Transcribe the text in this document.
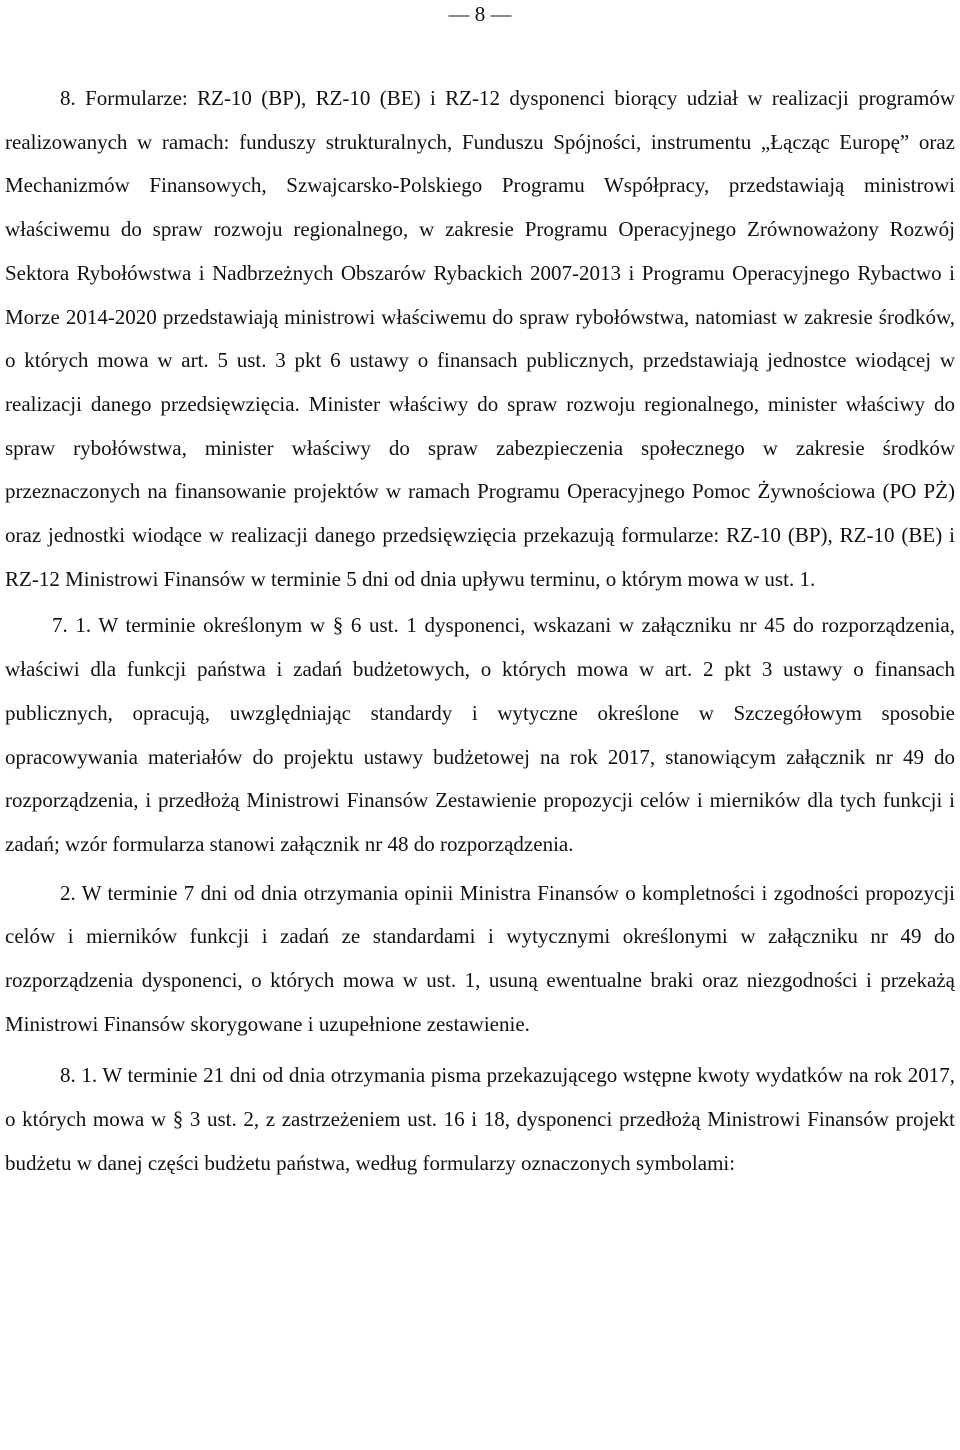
— 8 —

8. Formularze: RZ-10 (BP), RZ-10 (BE) i RZ-12 dysponenci biorący udział w realizacji programów realizowanych w ramach: funduszy strukturalnych, Funduszu Spójności, instrumentu „Łącząc Europę” oraz Mechanizmów Finansowych, Szwajcarsko-Polskiego Programu Współpracy, przedstawiają ministrowi właściwemu do spraw rozwoju regionalnego, w zakresie Programu Operacyjnego Zrównoważony Rozwój Sektora Rybołówstwa i Nadbrzeżnych Obszarów Rybackich 2007-2013 i Programu Operacyjnego Rybactwo i Morze 2014-2020 przedstawiają ministrowi właściwemu do spraw rybołówstwa, natomiast w zakresie środków, o których mowa w art. 5 ust. 3 pkt 6 ustawy o finansach publicznych, przedstawiają jednostce wiodącej w realizacji danego przedsięwzięcia. Minister właściwy do spraw rozwoju regionalnego, minister właściwy do spraw rybołówstwa, minister właściwy do spraw zabezpieczenia społecznego w zakresie środków przeznaczonych na finansowanie projektów w ramach Programu Operacyjnego Pomoc Żywnościowa (PO PŻ) oraz jednostki wiodące w realizacji danego przedsięwzięcia przekazują formularze: RZ-10 (BP), RZ-10 (BE) i RZ-12 Ministrowi Finansów w terminie 5 dni od dnia upływu terminu, o którym mowa w ust. 1.

7. 1. W terminie określonym w § 6 ust. 1 dysponenci, wskazani w załączniku nr 45 do rozporządzenia, właściwi dla funkcji państwa i zadań budżetowych, o których mowa w art. 2 pkt 3 ustawy o finansach publicznych, opracują, uwzględniając standardy i wytyczne określone w Szczegółowym sposobie opracowywania materiałów do projektu ustawy budżetowej na rok 2017, stanowiącym załącznik nr 49 do rozporządzenia, i przedłożą Ministrowi Finansów Zestawienie propozycji celów i mierników dla tych funkcji i zadań; wzór formularza stanowi załącznik nr 48 do rozporządzenia.

2. W terminie 7 dni od dnia otrzymania opinii Ministra Finansów o kompletności i zgodności propozycji celów i mierników funkcji i zadań ze standardami i wytycznymi określonymi w załączniku nr 49 do rozporządzenia dysponenci, o których mowa w ust. 1, usuną ewentualne braki oraz niezgodności i przekażą Ministrowi Finansów skorygowane i uzupełnione zestawienie.

8. 1. W terminie 21 dni od dnia otrzymania pisma przekazującego wstępne kwoty wydatków na rok 2017, o których mowa w § 3 ust. 2, z zastrzeżeniem ust. 16 i 18, dysponenci przedłożą Ministrowi Finansów projekt budżetu w danej części budżetu państwa, według formularzy oznaczonych symbolami:
